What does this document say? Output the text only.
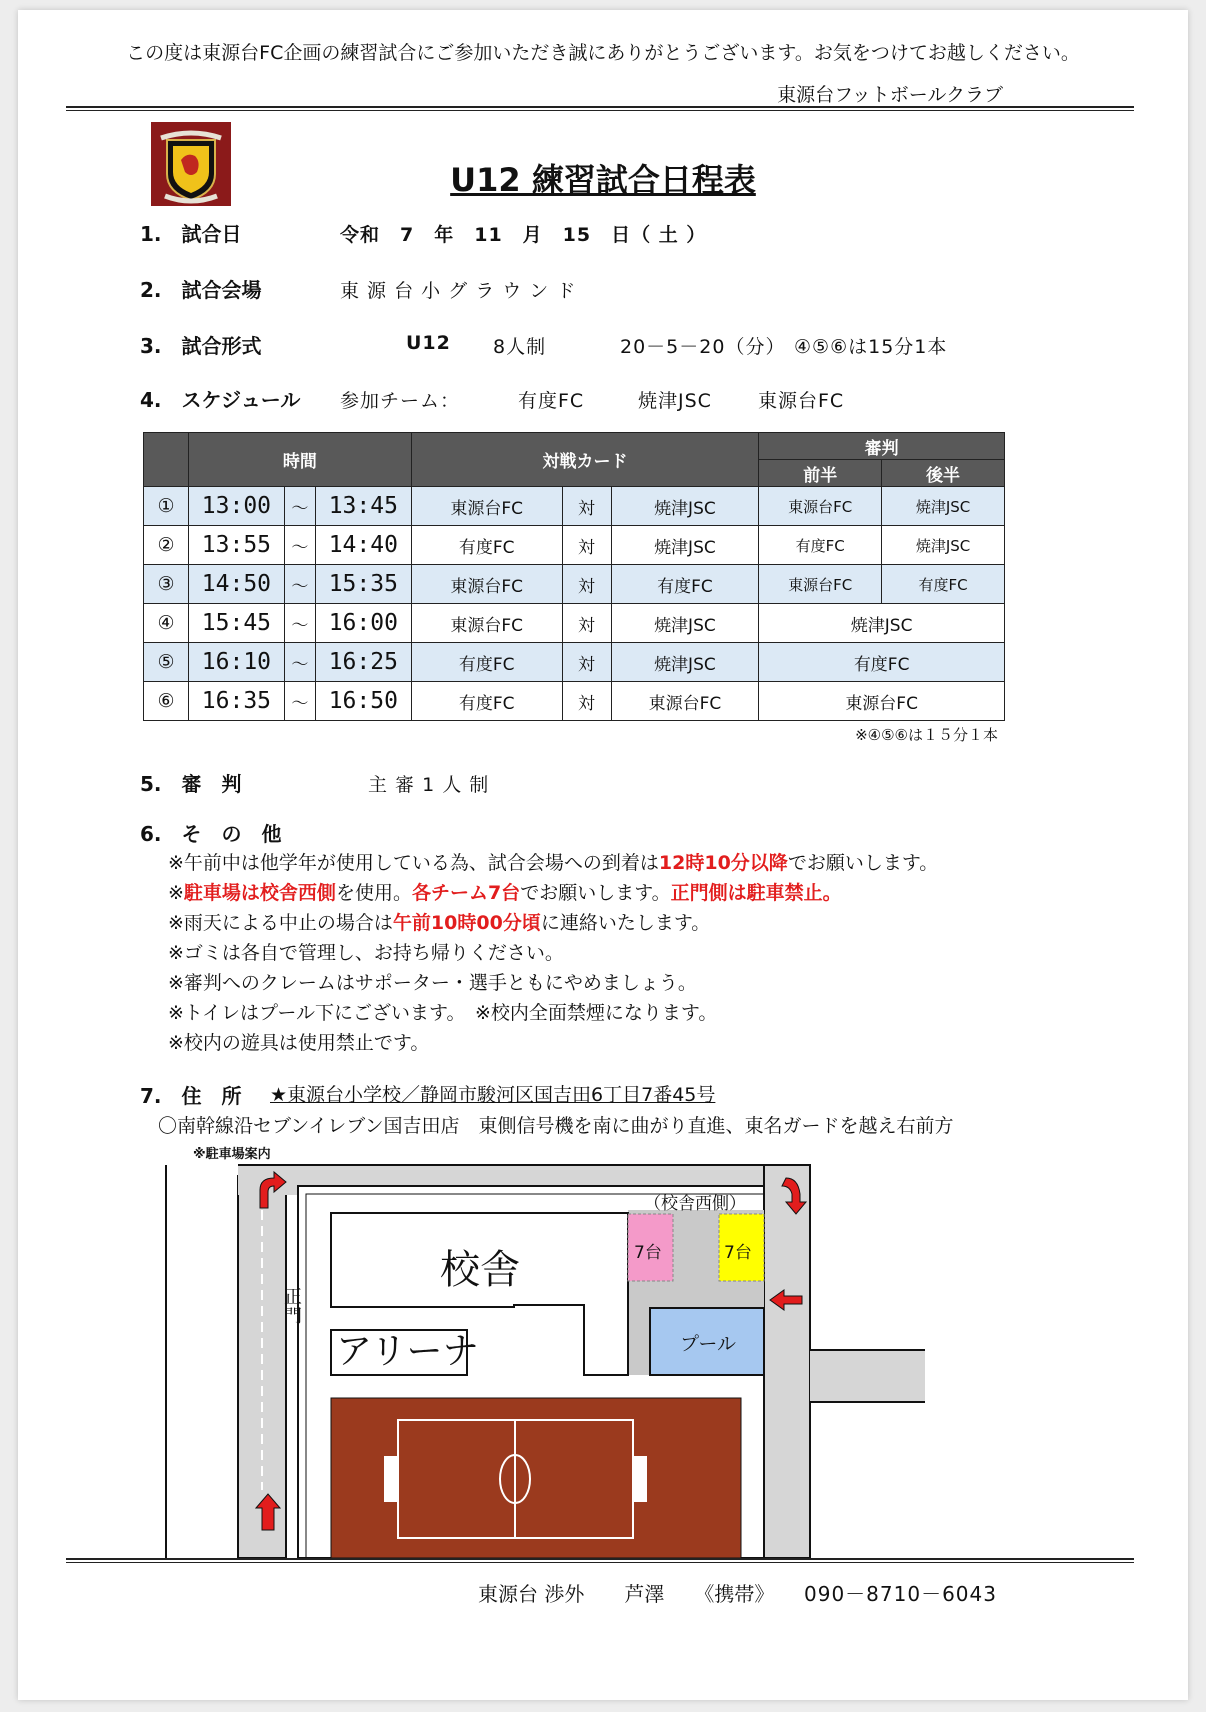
この度は東源台FC企画の練習試合にご参加いただき誠にありがとうございます。お気をつけてお越しください。
東源台フットボールクラブ
U12 練習試合日程表
1.　試合日	令和　7　年　11　月　15　日（ 土 ）
2.　試合会場	東 源 台 小 グ ラ ウ ン ド
3.　試合形式	U12 8人制	20－5－20（分） ④⑤⑥は15分1本
4.　スケジュール 参加チーム：	有度FC	焼津JSC 東源台FC
	時間			対戦カード			審判	
							前半	後半
①	13:00	～	13:45	東源台FC	対	焼津JSC	東源台FC	焼津JSC
②	13:55	～	14:40	有度FC	対	焼津JSC	有度FC	焼津JSC
③	14:50	～	15:35	東源台FC	対	有度FC	東源台FC	有度FC
④	15:45	～	16:00	東源台FC	対	焼津JSC	焼津JSC	
⑤	16:10	～	16:25	有度FC	対	焼津JSC	有度FC	
⑥	16:35	～	16:50	有度FC	対	東源台FC	東源台FC	
※④⑤⑥は１５分１本
5.　審　判	主 審 1 人 制
6.　そ　の　他
※午前中は他学年が使用している為、試合会場への到着は12時10分以降でお願いします。
※駐車場は校舎西側を使用。各チーム7台でお願いします。正門側は駐車禁止。
※雨天による中止の場合は午前10時00分頃に連絡いたします。
※ゴミは各自で管理し、お持ち帰りください。
※審判へのクレームはサポーター・選手ともにやめましょう。
※トイレはプール下にございます。　※校内全面禁煙になります。
※校内の遊具は使用禁止です。
7.　住　所 ★東源台小学校／静岡市駿河区国吉田6丁目7番45号
〇南幹線沿セブンイレブン国吉田店　東側信号機を南に曲がり直進、東名ガードを越え右前方
※駐車場案内
校舎
アリーナ
正門
（校舎西側）
7台	7台
プール
東源台 渉外　　芦澤　　《携帯》 090－8710－6043
